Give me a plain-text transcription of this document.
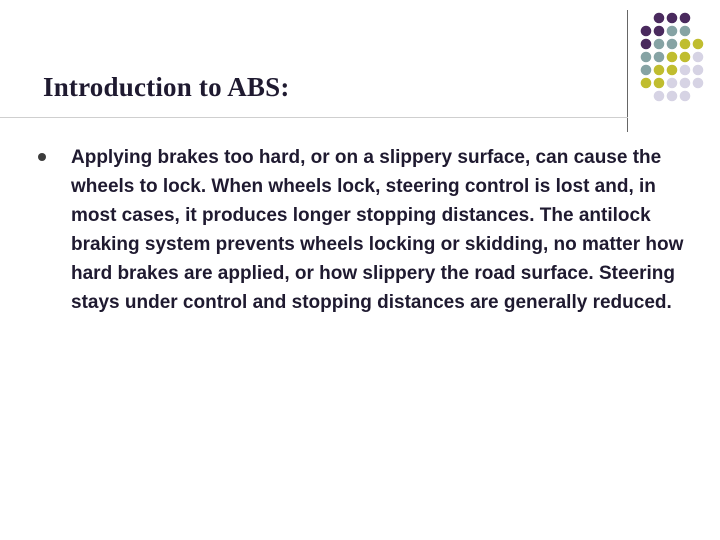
Introduction to ABS:
Applying brakes too hard, or on a slippery surface, can cause the wheels to lock. When wheels lock, steering control is lost and, in most cases, it produces longer stopping distances. The antilock braking system prevents wheels locking or skidding, no matter how hard brakes are applied, or how slippery the road surface. Steering stays under control and stopping distances are generally reduced.
